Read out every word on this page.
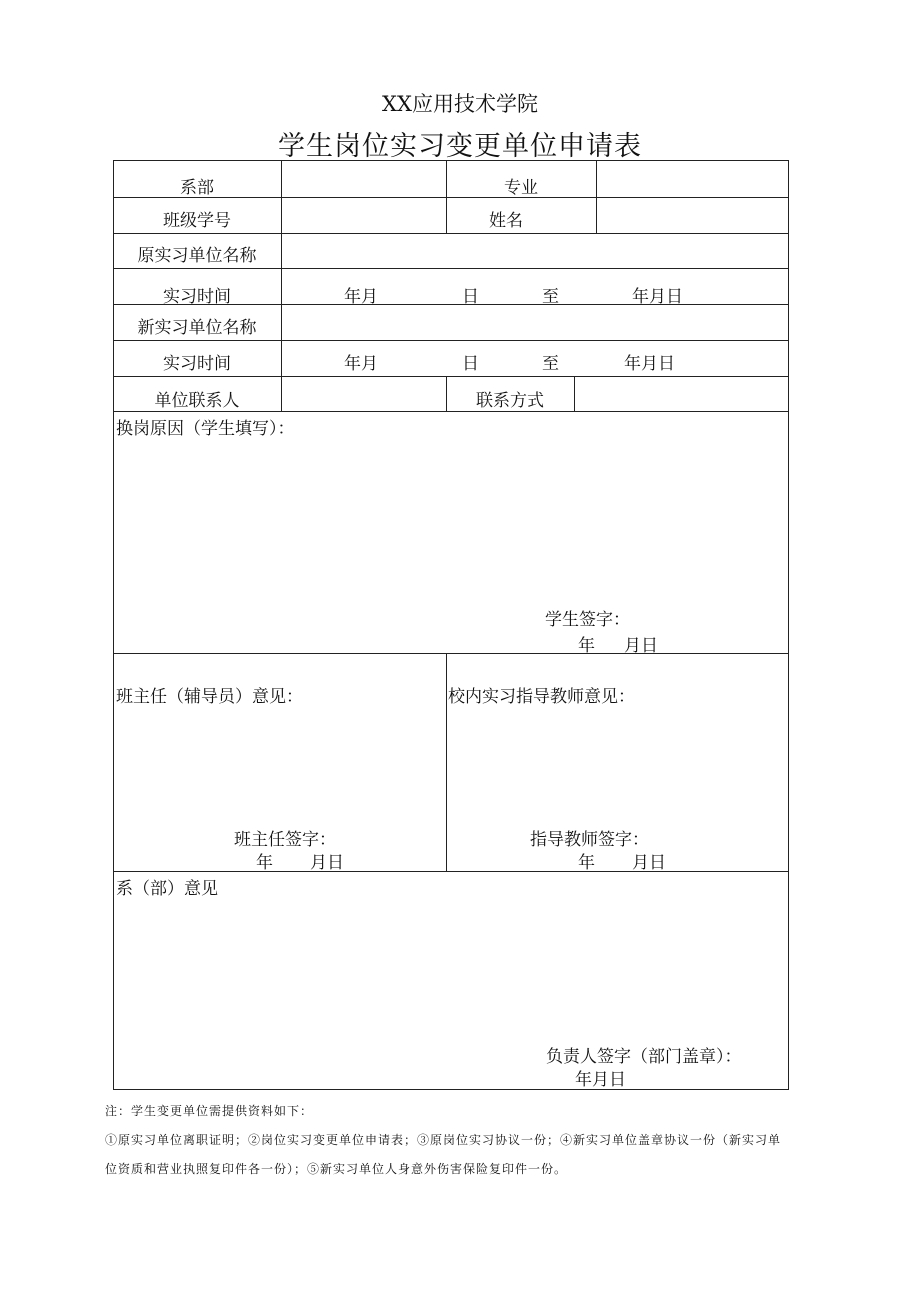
XX应用技术学院
学生岗位实习变更单位申请表
系部	专业
班级学号	姓名
原实习单位名称
实习时间	年月	日	至	年月日
新实习单位名称
实习时间	年月	日	至	年月日
单位联系人	联系方式
换岗原因（学生填写）：
学生签字：
年 月日
班主任（辅导员）意见：
班主任签字：
年 月日
校内实习指导教师意见：
指导教师签字：
年 月日
系（部）意见
负责人签字（部门盖章）：
年月日
注：学生变更单位需提供资料如下：
①原实习单位离职证明；②岗位实习变更单位申请表；③原岗位实习协议一份；④新实习单位盖章协议一份（新实习单
位资质和营业执照复印件各一份）；⑤新实习单位人身意外伤害保险复印件一份。
